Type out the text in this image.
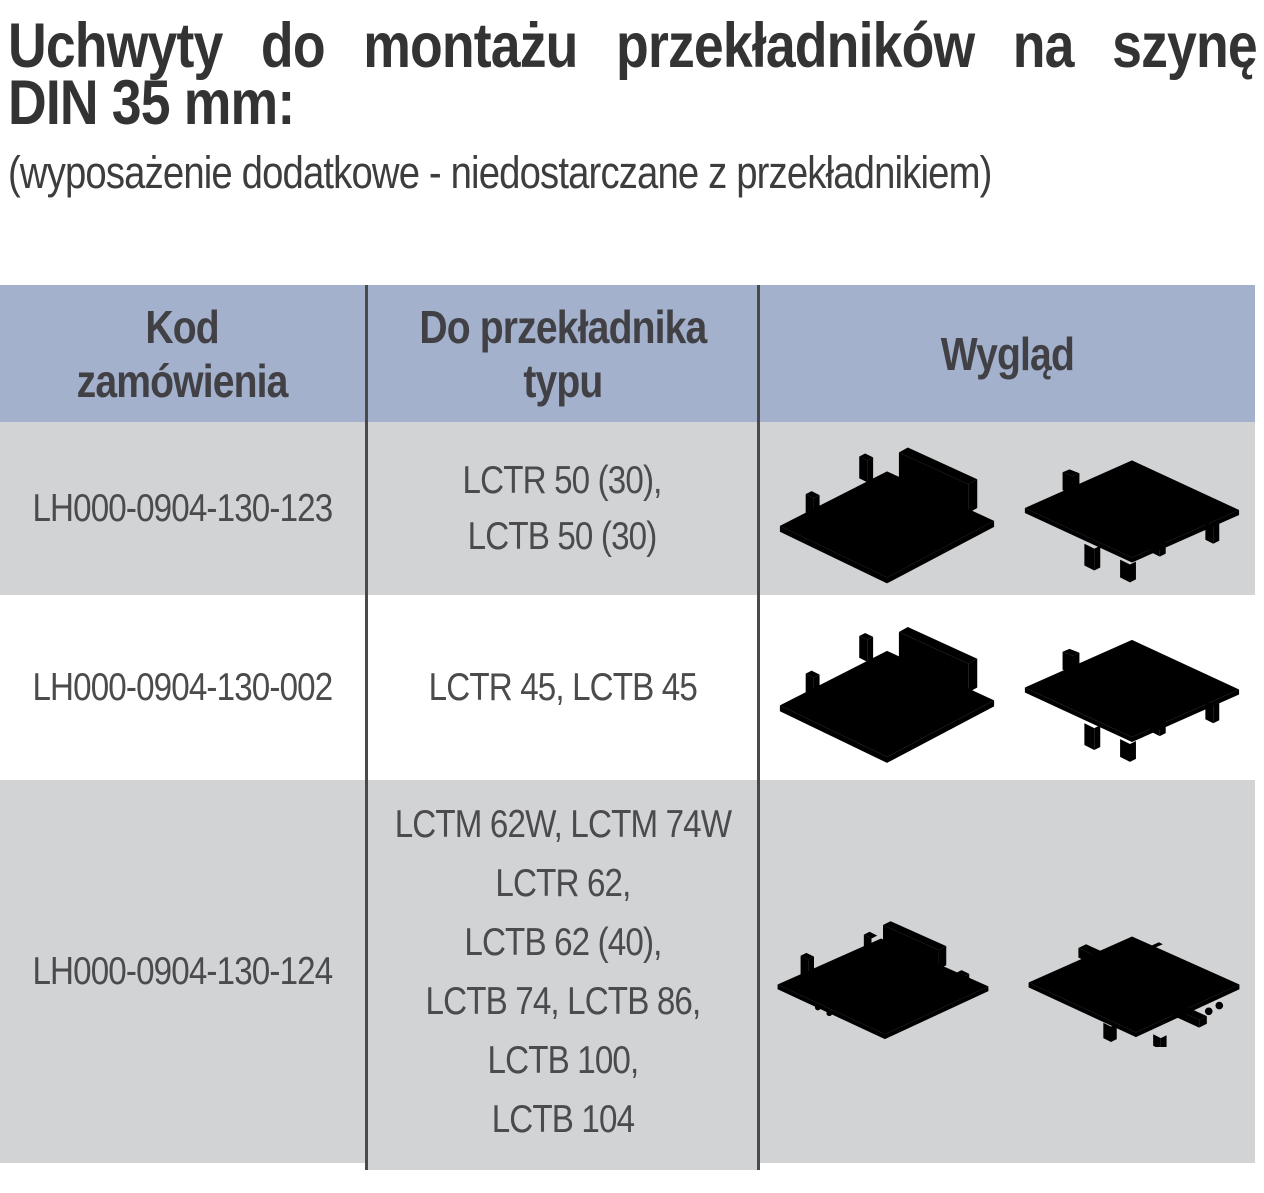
Uchwyty do montażu przekładników na szynę
DIN 35 mm:
(wyposażenie dodatkowe - niedostarczane z przekładnikiem)
Kod
zamówienia
Do przekładnika
typu
Wygląd
LH000-0904-130-123
LCTR 50 (30),
LCTB 50 (30)
LH000-0904-130-002 LCTR 45, LCTB 45
LH000-0904-130-124
LCTM 62W, LCTM 74W
LCTR 62,
LCTB 62 (40),
LCTB 74, LCTB 86,
LCTB 100,
LCTB 104
